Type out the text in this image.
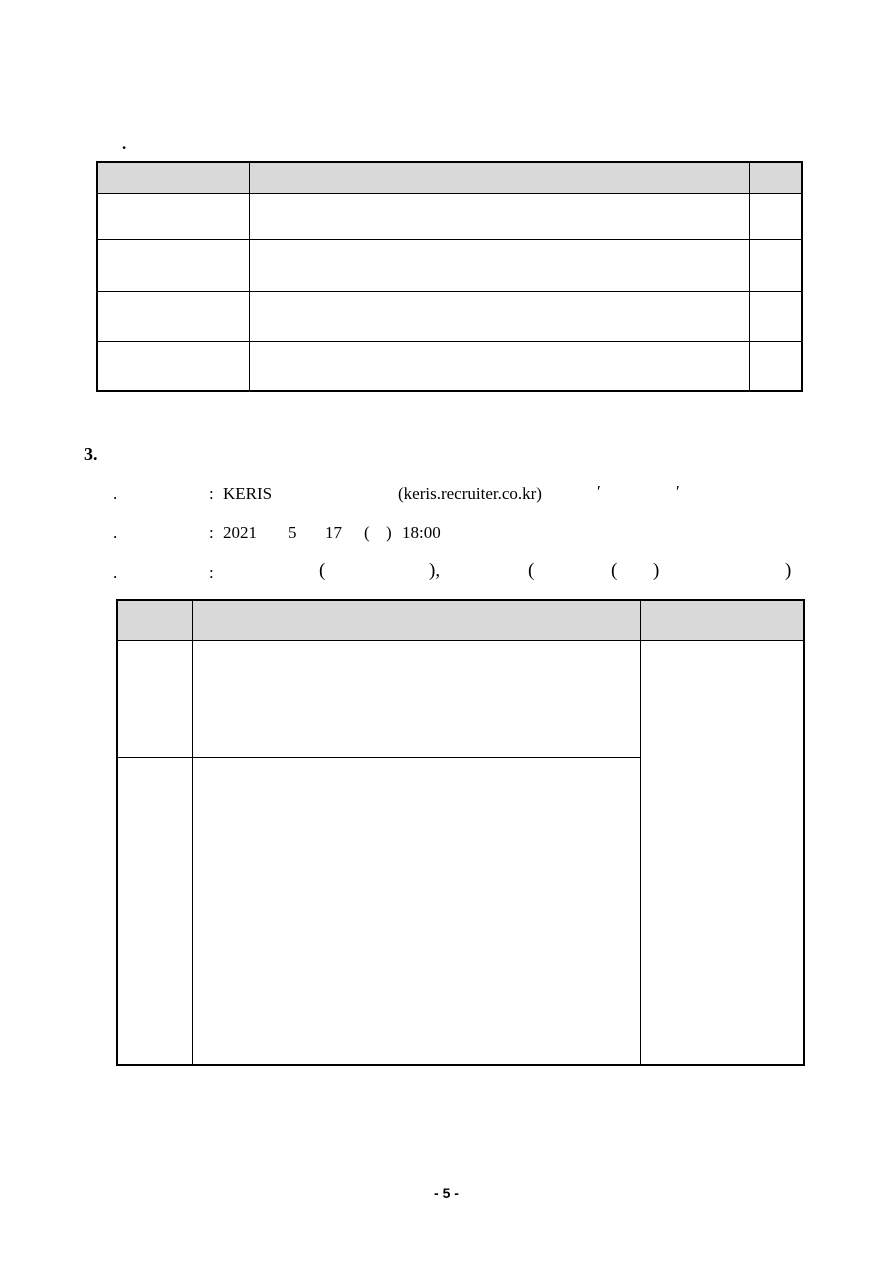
.
3.
.	: KERIS	(keris.recruiter.co.kr)	′	′
.	: 2021 5 17 ( ) 18:00
.	:	(	),	(	( )	)
- 5 -
